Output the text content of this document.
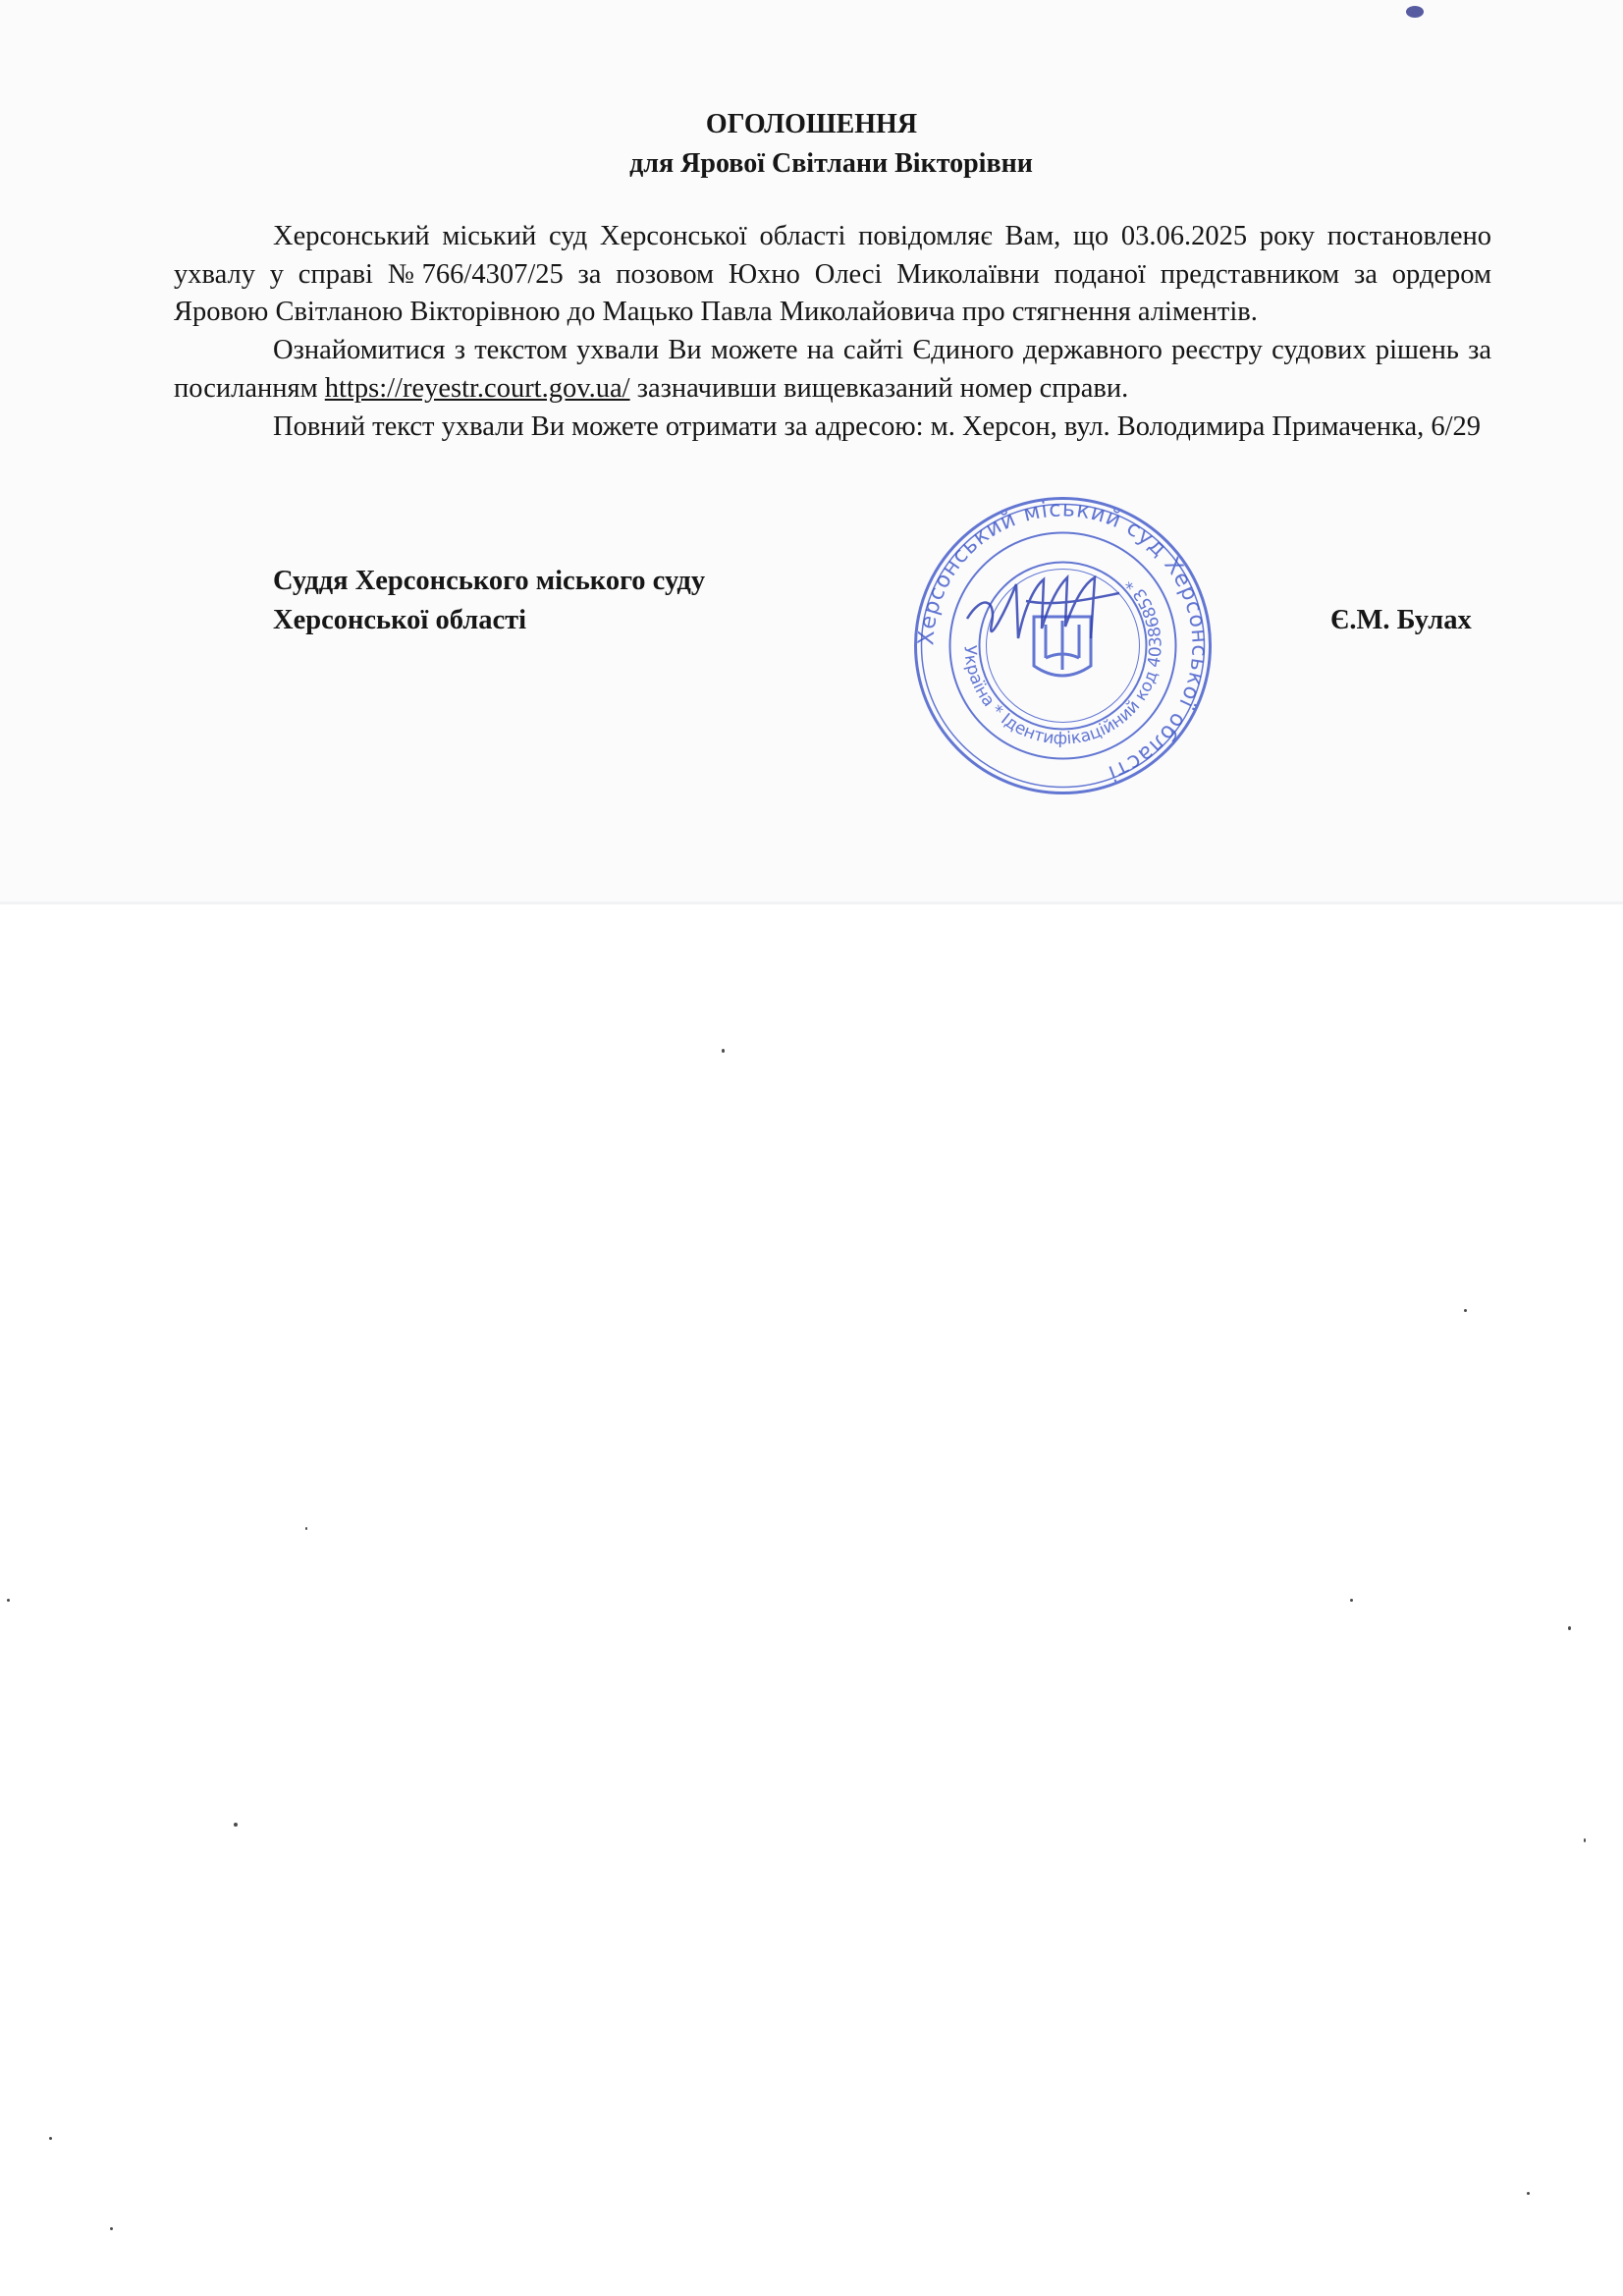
ОГОЛОШЕННЯ
для Ярової Світлани Вікторівни

Херсонський міський суд Херсонської області повідомляє Вам, що 03.06.2025 року постановлено ухвалу у справі №766/4307/25 за позовом Юхно Олесі Миколаївни поданої представником за ордером Яровою Світланою Вікторівною до Мацько Павла Миколайовича про стягнення аліментів.

Ознайомитися з текстом ухвали Ви можете на сайті Єдиного державного реєстру судових рішень за посиланням https://reyestr.court.gov.ua/ зазначивши вищевказаний номер справи.

Повний текст ухвали Ви можете отримати за адресою: м. Херсон, вул. Володимира Примаченка, 6/29

Суддя Херсонського міського суду
Херсонської області	Є.М. Булах
Херсонський міський суд Херсонської області
Україна * Ідентифікаційний код 40386853 *
